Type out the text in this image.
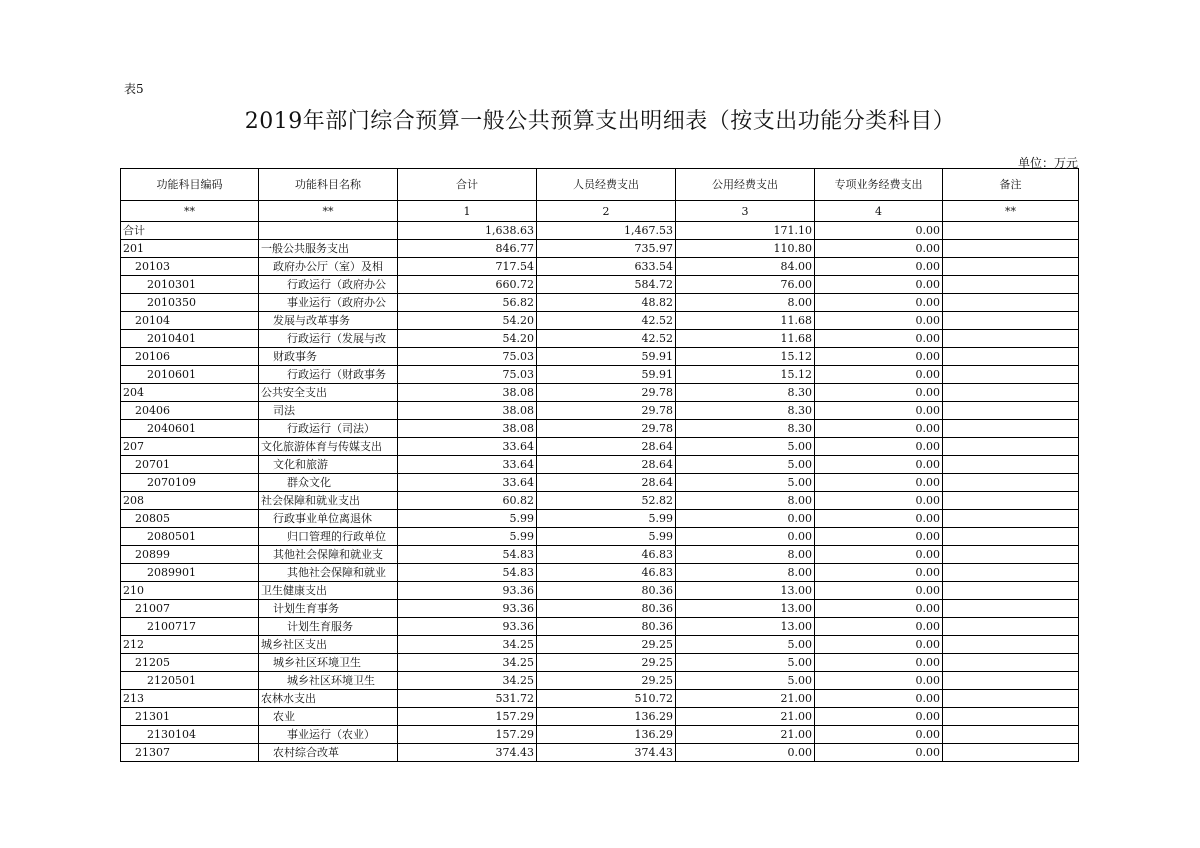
表5
2019年部门综合预算一般公共预算支出明细表（按支出功能分类科目）
单位：万元
功能科目编码	功能科目名称	合计	人员经费支出	公用经费支出	专项业务经费支出	备注
**	**	1	2	3	4	**
合计		1,638.63	1,467.53	171.10	0.00	
201	一般公共服务支出	846.77	735.97	110.80	0.00	
20103	政府办公厅（室）及相	717.54	633.54	84.00	0.00	
2010301	行政运行（政府办公	660.72	584.72	76.00	0.00	
2010350	事业运行（政府办公	56.82	48.82	8.00	0.00	
20104	发展与改革事务	54.20	42.52	11.68	0.00	
2010401	行政运行（发展与改	54.20	42.52	11.68	0.00	
20106	财政事务	75.03	59.91	15.12	0.00	
2010601	行政运行（财政事务	75.03	59.91	15.12	0.00	
204	公共安全支出	38.08	29.78	8.30	0.00	
20406	司法	38.08	29.78	8.30	0.00	
2040601	行政运行（司法）	38.08	29.78	8.30	0.00	
207	文化旅游体育与传媒支出	33.64	28.64	5.00	0.00	
20701	文化和旅游	33.64	28.64	5.00	0.00	
2070109	群众文化	33.64	28.64	5.00	0.00	
208	社会保障和就业支出	60.82	52.82	8.00	0.00	
20805	行政事业单位离退休	5.99	5.99	0.00	0.00	
2080501	归口管理的行政单位	5.99	5.99	0.00	0.00	
20899	其他社会保障和就业支	54.83	46.83	8.00	0.00	
2089901	其他社会保障和就业	54.83	46.83	8.00	0.00	
210	卫生健康支出	93.36	80.36	13.00	0.00	
21007	计划生育事务	93.36	80.36	13.00	0.00	
2100717	计划生育服务	93.36	80.36	13.00	0.00	
212	城乡社区支出	34.25	29.25	5.00	0.00	
21205	城乡社区环境卫生	34.25	29.25	5.00	0.00	
2120501	城乡社区环境卫生	34.25	29.25	5.00	0.00	
213	农林水支出	531.72	510.72	21.00	0.00	
21301	农业	157.29	136.29	21.00	0.00	
2130104	事业运行（农业）	157.29	136.29	21.00	0.00	
21307	农村综合改革	374.43	374.43	0.00	0.00	
